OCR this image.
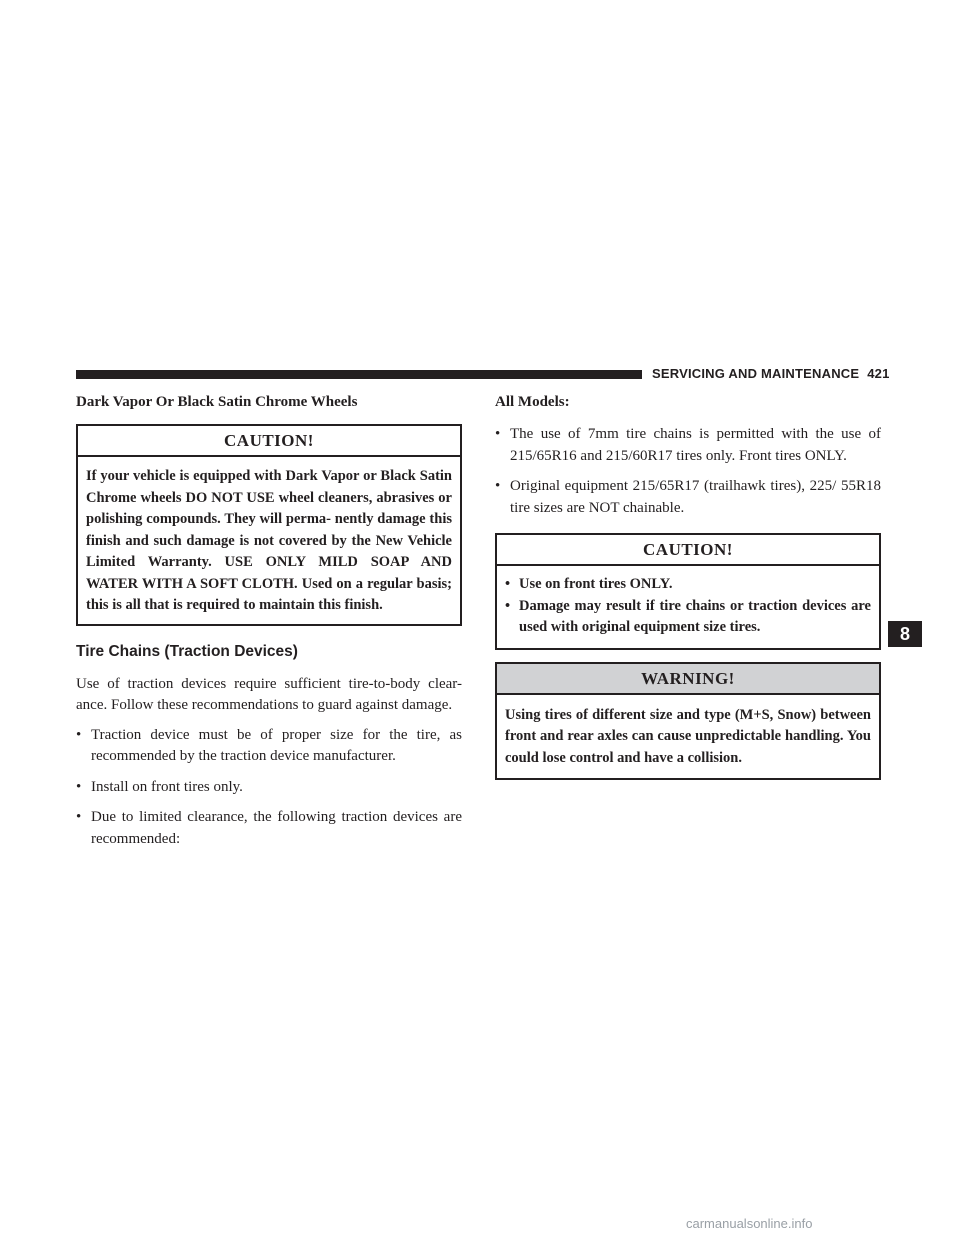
SERVICING AND MAINTENANCE 421
Dark Vapor Or Black Satin Chrome Wheels
CAUTION!
If your vehicle is equipped with Dark Vapor or Black Satin Chrome wheels DO NOT USE wheel cleaners, abrasives or polishing compounds. They will perma- nently damage this finish and such damage is not covered by the New Vehicle Limited Warranty. USE ONLY MILD SOAP AND WATER WITH A SOFT CLOTH. Used on a regular basis; this is all that is required to maintain this finish.
Tire Chains (Traction Devices)

Use of traction devices require sufficient tire-to-body clear- ance. Follow these recommendations to guard against damage.

• Traction device must be of proper size for the tire, as recommended by the traction device manufacturer.
• Install on front tires only.
• Due to limited clearance, the following traction devices are recommended:
All Models:
• The use of 7mm tire chains is permitted with the use of 215/65R16 and 215/60R17 tires only. Front tires ONLY.
• Original equipment 215/65R17 (trailhawk tires), 225/ 55R18 tire sizes are NOT chainable.
CAUTION!
• Use on front tires ONLY.
• Damage may result if tire chains or traction devices are used with original equipment size tires.
WARNING!
Using tires of different size and type (M+S, Snow) between front and rear axles can cause unpredictable handling. You could lose control and have a collision.
8
carmanualsonline.info
